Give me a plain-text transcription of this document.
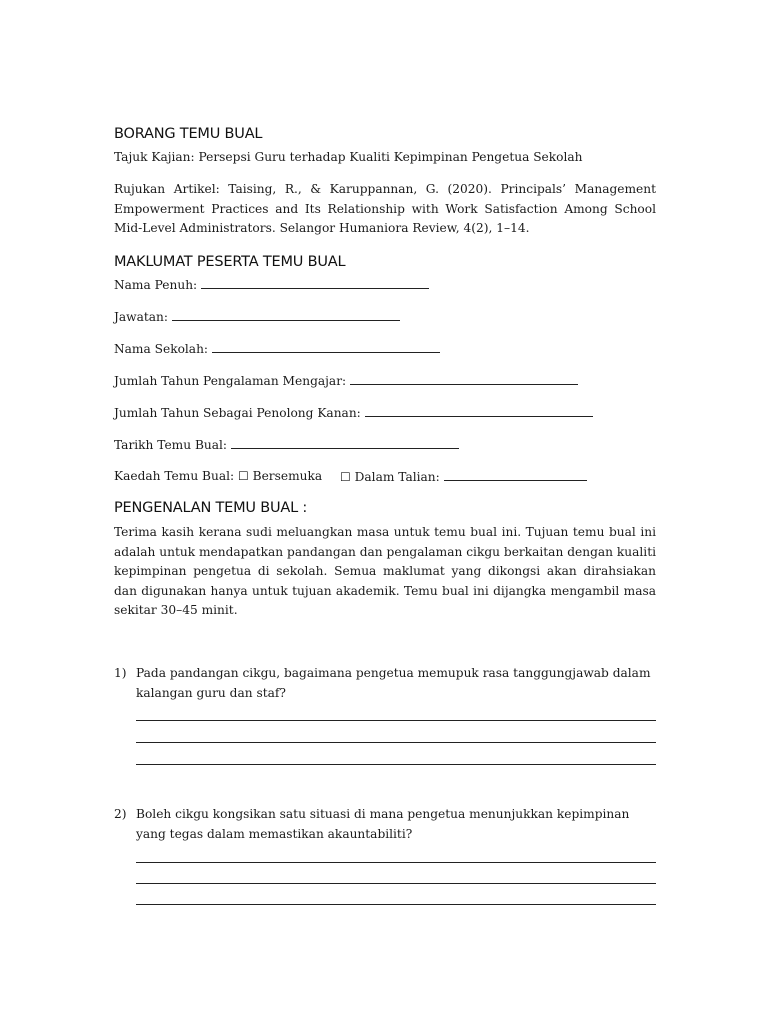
BORANG TEMU BUAL

Tajuk Kajian: Persepsi Guru terhadap Kualiti Kepimpinan Pengetua Sekolah

Rujukan Artikel: Taising, R., & Karuppannan, G. (2020). Principals’ Management Empowerment Practices and Its Relationship with Work Satisfaction Among School Mid-Level Administrators. Selangor Humaniora Review, 4(2), 1–14.

MAKLUMAT PESERTA TEMU BUAL
Nama Penuh:
Jawatan:
Nama Sekolah:
Jumlah Tahun Pengalaman Mengajar:
Jumlah Tahun Sebagai Penolong Kanan:
Tarikh Temu Bual:
Kaedah Temu Bual: ☐ Bersemuka ☐ Dalam Talian:
PENGENALAN TEMU BUAL :

Terima kasih kerana sudi meluangkan masa untuk temu bual ini. Tujuan temu bual ini adalah untuk mendapatkan pandangan dan pengalaman cikgu berkaitan dengan kualiti kepimpinan pengetua di sekolah. Semua maklumat yang dikongsi akan dirahsiakan dan digunakan hanya untuk tujuan akademik. Temu bual ini dijangka mengambil masa sekitar 30–45 minit.

1) Pada pandangan cikgu, bagaimana pengetua memupuk rasa tanggungjawab dalam kalangan guru dan staf?
2) Boleh cikgu kongsikan satu situasi di mana pengetua menunjukkan kepimpinan yang tegas dalam memastikan akauntabiliti?
